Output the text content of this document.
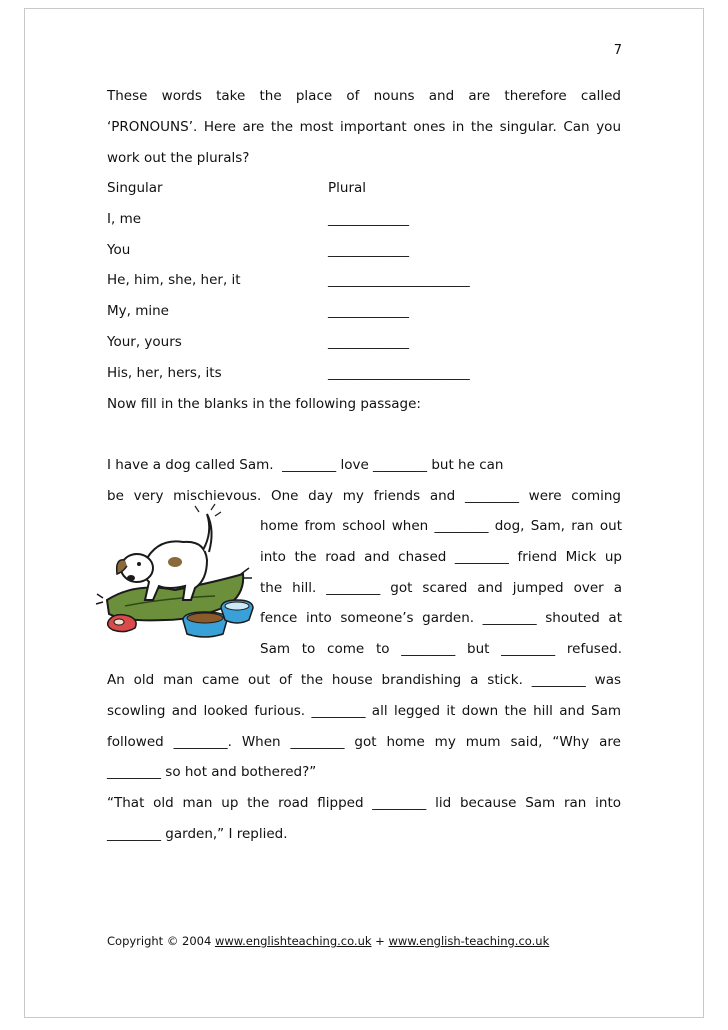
7
These words take the place of nouns and are therefore called
‘PRONOUNS’. Here are the most important ones in the singular. Can you
work out the plurals?
Singular	Plural
I, me	____________
You	____________
He, him, she, her, it	_____________________
My, mine	____________
Your, yours	____________
His, her, hers, its	_____________________
Now fill in the blanks in the following passage:
I have a dog called Sam.  ________ love ________ but he can
be very mischievous. One day my friends and ________ were coming
home from school when ________ dog, Sam, ran out
into the road and chased ________ friend Mick up
the hill. ________ got scared and jumped over a
fence into someone’s garden. ________ shouted at
Sam to come to ________ but ________ refused.
An old man came out of the house brandishing a stick. ________ was
scowling and looked furious. ________ all legged it down the hill and Sam
followed ________. When ________ got home my mum said, “Why are
________ so hot and bothered?”
“That old man up the road flipped ________ lid because Sam ran into
________ garden,” I replied.
Copyright © 2004 www.englishteaching.co.uk + www.english-teaching.co.uk
